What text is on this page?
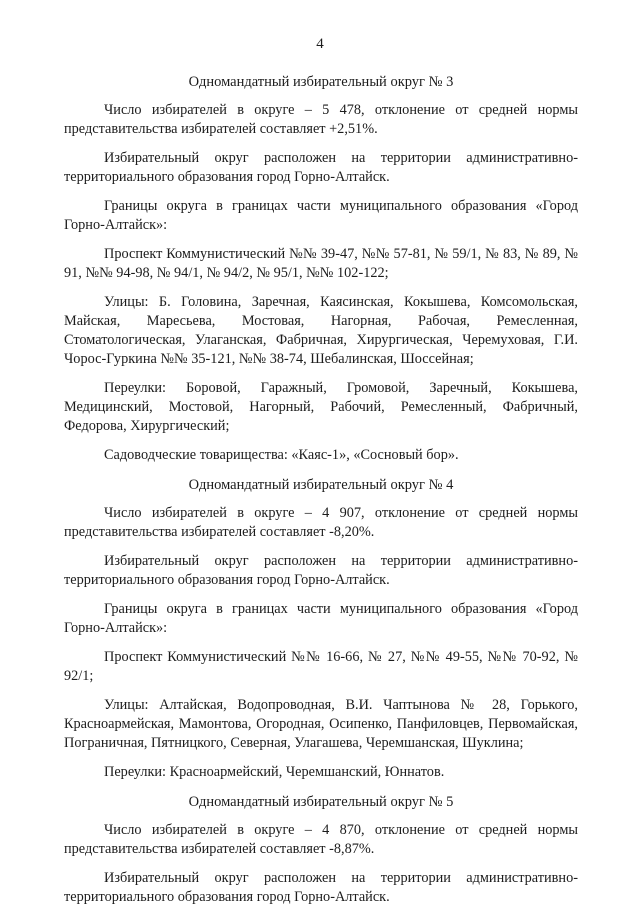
4
Одномандатный избирательный округ № 3

Число избирателей в округе – 5 478, отклонение от средней нормы представительства избирателей составляет +2,51%.

Избирательный округ расположен на территории административно-территориального образования город Горно-Алтайск.

Границы округа в границах части муниципального образования «Город Горно-Алтайск»:

Проспект Коммунистический №№ 39-47, №№ 57-81, № 59/1, № 83, № 89, № 91, №№ 94-98, № 94/1, № 94/2, № 95/1, №№ 102-122;

Улицы: Б. Головина, Заречная, Каясинская, Кокышева, Комсомольская, Майская, Маресьева, Мостовая, Нагорная, Рабочая, Ремесленная, Стоматологическая, Улаганская, Фабричная, Хирургическая, Черемуховая, Г.И. Чорос-Гуркина №№ 35-121, №№ 38-74, Шебалинская, Шоссейная;

Переулки: Боровой, Гаражный, Громовой, Заречный, Кокышева, Медицинский, Мостовой, Нагорный, Рабочий, Ремесленный, Фабричный, Федорова, Хирургический;

Садоводческие товарищества: «Каяс-1», «Сосновый бор».

Одномандатный избирательный округ № 4

Число избирателей в округе – 4 907, отклонение от средней нормы представительства избирателей составляет -8,20%.

Избирательный округ расположен на территории административно-территориального образования город Горно-Алтайск.

Границы округа в границах части муниципального образования «Город Горно-Алтайск»:

Проспект Коммунистический №№ 16-66, № 27, №№ 49-55, №№ 70-92, № 92/1;

Улицы: Алтайская, Водопроводная, В.И. Чаптынова № 28, Горького, Красноармейская, Мамонтова, Огородная, Осипенко, Панфиловцев, Первомайская, Пограничная, Пятницкого, Северная, Улагашева, Черемшанская, Шуклина;

Переулки: Красноармейский, Черемшанский, Юннатов.

Одномандатный избирательный округ № 5

Число избирателей в округе – 4 870, отклонение от средней нормы представительства избирателей составляет -8,87%.

Избирательный округ расположен на территории административно-территориального образования город Горно-Алтайск.
